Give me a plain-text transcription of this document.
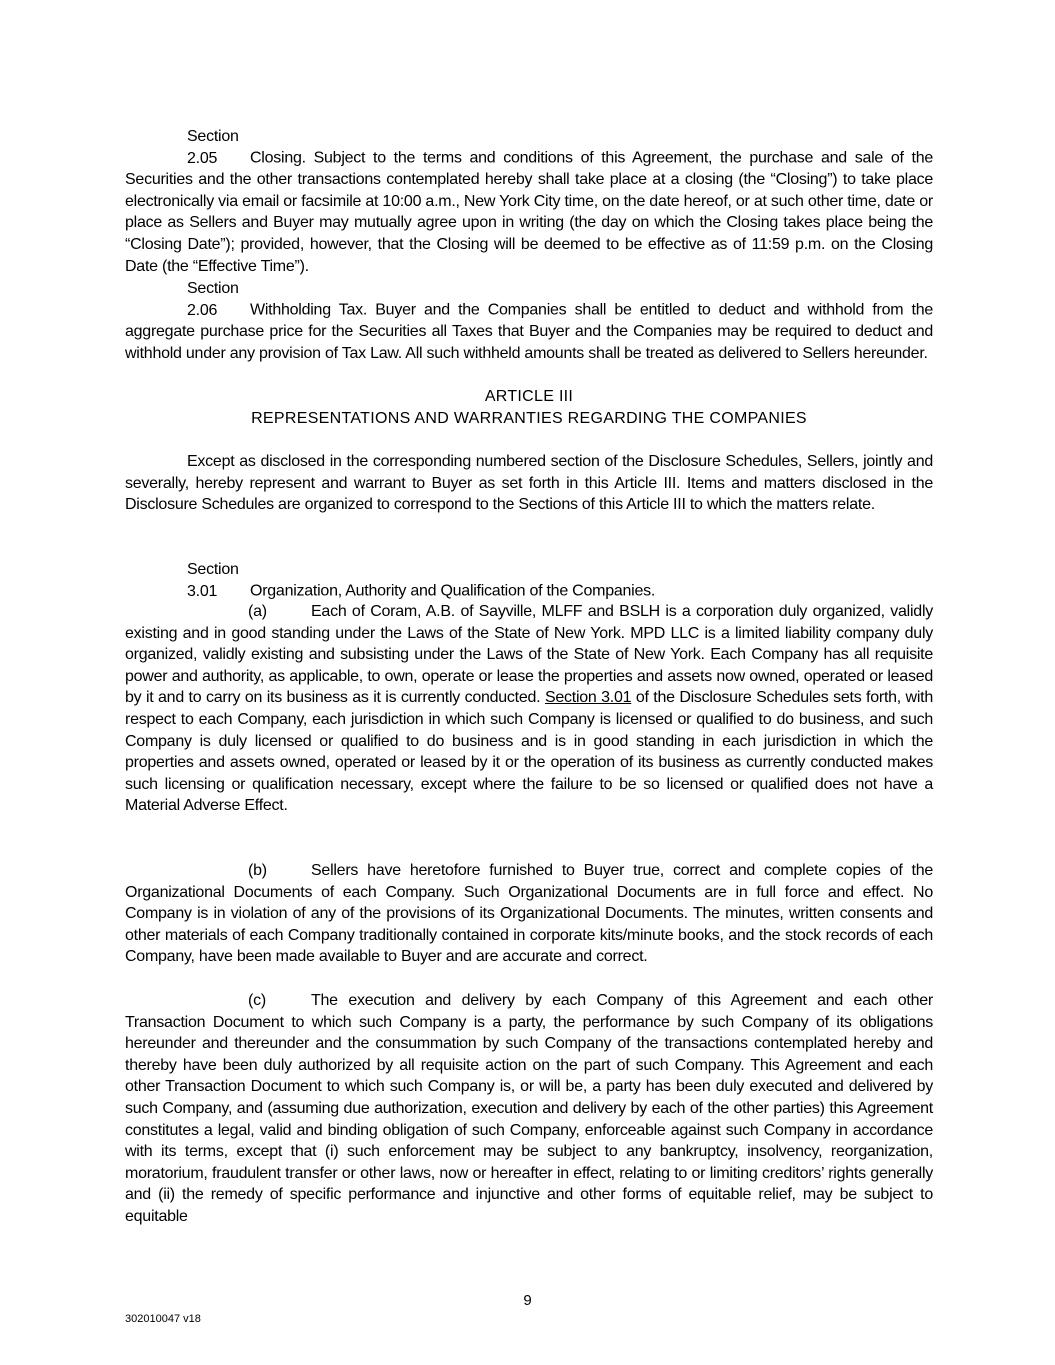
Section 2.05 Closing. Subject to the terms and conditions of this Agreement, the purchase and sale of the Securities and the other transactions contemplated hereby shall take place at a closing (the “Closing”) to take place electronically via email or facsimile at 10:00 a.m., New York City time, on the date hereof, or at such other time, date or place as Sellers and Buyer may mutually agree upon in writing (the day on which the Closing takes place being the “Closing Date”); provided, however, that the Closing will be deemed to be effective as of 11:59 p.m. on the Closing Date (the “Effective Time”).
Section 2.06 Withholding Tax. Buyer and the Companies shall be entitled to deduct and withhold from the aggregate purchase price for the Securities all Taxes that Buyer and the Companies may be required to deduct and withhold under any provision of Tax Law. All such withheld amounts shall be treated as delivered to Sellers hereunder.
ARTICLE III
REPRESENTATIONS AND WARRANTIES REGARDING THE COMPANIES
Except as disclosed in the corresponding numbered section of the Disclosure Schedules, Sellers, jointly and severally, hereby represent and warrant to Buyer as set forth in this Article III. Items and matters disclosed in the Disclosure Schedules are organized to correspond to the Sections of this Article III to which the matters relate.
Section 3.01 Organization, Authority and Qualification of the Companies.
(a)	Each of Coram, A.B. of Sayville, MLFF and BSLH is a corporation duly organized, validly existing and in good standing under the Laws of the State of New York. MPD LLC is a limited liability company duly organized, validly existing and subsisting under the Laws of the State of New York. Each Company has all requisite power and authority, as applicable, to own, operate or lease the properties and assets now owned, operated or leased by it and to carry on its business as it is currently conducted. Section 3.01 of the Disclosure Schedules sets forth, with respect to each Company, each jurisdiction in which such Company is licensed or qualified to do business, and such Company is duly licensed or qualified to do business and is in good standing in each jurisdiction in which the properties and assets owned, operated or leased by it or the operation of its business as currently conducted makes such licensing or qualification necessary, except where the failure to be so licensed or qualified does not have a Material Adverse Effect.
(b)	Sellers have heretofore furnished to Buyer true, correct and complete copies of the Organizational Documents of each Company. Such Organizational Documents are in full force and effect. No Company is in violation of any of the provisions of its Organizational Documents. The minutes, written consents and other materials of each Company traditionally contained in corporate kits/minute books, and the stock records of each Company, have been made available to Buyer and are accurate and correct.
(c)	The execution and delivery by each Company of this Agreement and each other Transaction Document to which such Company is a party, the performance by such Company of its obligations hereunder and thereunder and the consummation by such Company of the transactions contemplated hereby and thereby have been duly authorized by all requisite action on the part of such Company. This Agreement and each other Transaction Document to which such Company is, or will be, a party has been duly executed and delivered by such Company, and (assuming due authorization, execution and delivery by each of the other parties) this Agreement constitutes a legal, valid and binding obligation of such Company, enforceable against such Company in accordance with its terms, except that (i) such enforcement may be subject to any bankruptcy, insolvency, reorganization, moratorium, fraudulent transfer or other laws, now or hereafter in effect, relating to or limiting creditors’ rights generally and (ii) the remedy of specific performance and injunctive and other forms of equitable relief, may be subject to equitable
9
302010047 v18
